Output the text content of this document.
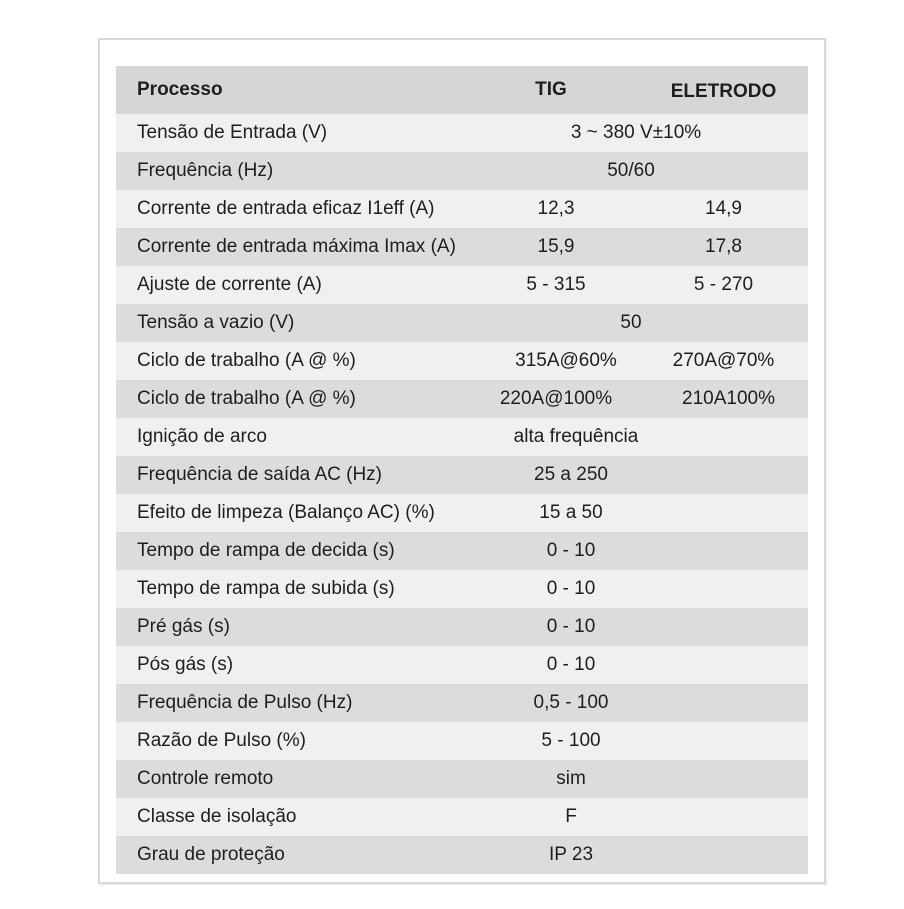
Processo	TIG	ELETRODO
Tensão de Entrada (V)	3 ~ 380 V±10%
Frequência (Hz)	50/60
Corrente de entrada eficaz I1eff (A)	12,3	14,9
Corrente de entrada máxima Imax (A)	15,9	17,8
Ajuste de corrente (A)	5 - 315	5 - 270
Tensão a vazio (V)	50
Ciclo de trabalho (A @ %)	315A@60%	270A@70%
Ciclo de trabalho (A @ %)	220A@100%	210A100%
Ignição de arco	alta frequência
Frequência de saída AC (Hz)	25 a 250
Efeito de limpeza (Balanço AC) (%)	15 a 50
Tempo de rampa de decida (s)	0 - 10
Tempo de rampa de subida (s)	0 - 10
Pré gás (s)	0 - 10
Pós gás (s)	0 - 10
Frequência de Pulso (Hz)	0,5 - 100
Razão de Pulso (%)	5 - 100
Controle remoto	sim
Classe de isolação	F
Grau de proteção	IP 23
